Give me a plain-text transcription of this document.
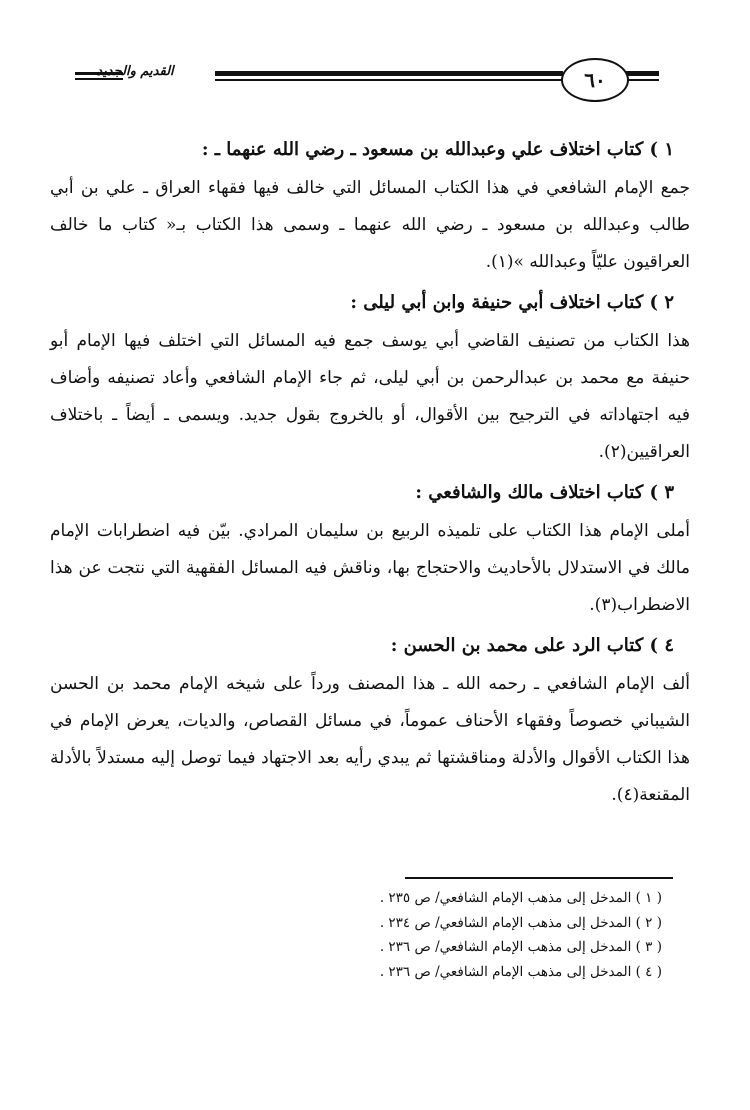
القديم والجديد	٦٠
١ ) كتاب اختلاف علي وعبدالله بن مسعود ـ رضي الله عنهما ـ :

جمع الإمام الشافعي في هذا الكتاب المسائل التي خالف فيها فقهاء العراق ـ علي بن أبي طالب وعبدالله بن مسعود ـ رضي الله عنهما ـ وسمى هذا الكتاب بـ« كتاب ما خالف العراقيون عليّاً وعبدالله »(١).

٢ ) كتاب اختلاف أبي حنيفة وابن أبي ليلى :

هذا الكتاب من تصنيف القاضي أبي يوسف جمع فيه المسائل التي اختلف فيها الإمام أبو حنيفة مع محمد بن عبدالرحمن بن أبي ليلى، ثم جاء الإمام الشافعي وأعاد تصنيفه وأضاف فيه اجتهاداته في الترجيح بين الأقوال، أو بالخروج بقول جديد. ويسمى ـ أيضاً ـ باختلاف العراقيين(٢).

٣ ) كتاب اختلاف مالك والشافعي :

أملى الإمام هذا الكتاب على تلميذه الربيع بن سليمان المرادي. بيّن فيه اضطرابات الإمام مالك في الاستدلال بالأحاديث والاحتجاج بها، وناقش فيه المسائل الفقهية التي نتجت عن هذا الاضطراب(٣).

٤ ) كتاب الرد على محمد بن الحسن :

ألف الإمام الشافعي ـ رحمه الله ـ هذا المصنف ورداً على شيخه الإمام محمد بن الحسن الشيباني خصوصاً وفقهاء الأحناف عموماً، في مسائل القصاص، والديات، يعرض الإمام في هذا الكتاب الأقوال والأدلة ومناقشتها ثم يبدي رأيه بعد الاجتهاد فيما توصل إليه مستدلاً بالأدلة المقنعة(٤).

( ١ ) المدخل إلى مذهب الإمام الشافعي/ ص ٢٣٥ .
( ٢ ) المدخل إلى مذهب الإمام الشافعي/ ص ٢٣٤ .
( ٣ ) المدخل إلى مذهب الإمام الشافعي/ ص ٢٣٦ .
( ٤ ) المدخل إلى مذهب الإمام الشافعي/ ص ٢٣٦ .
